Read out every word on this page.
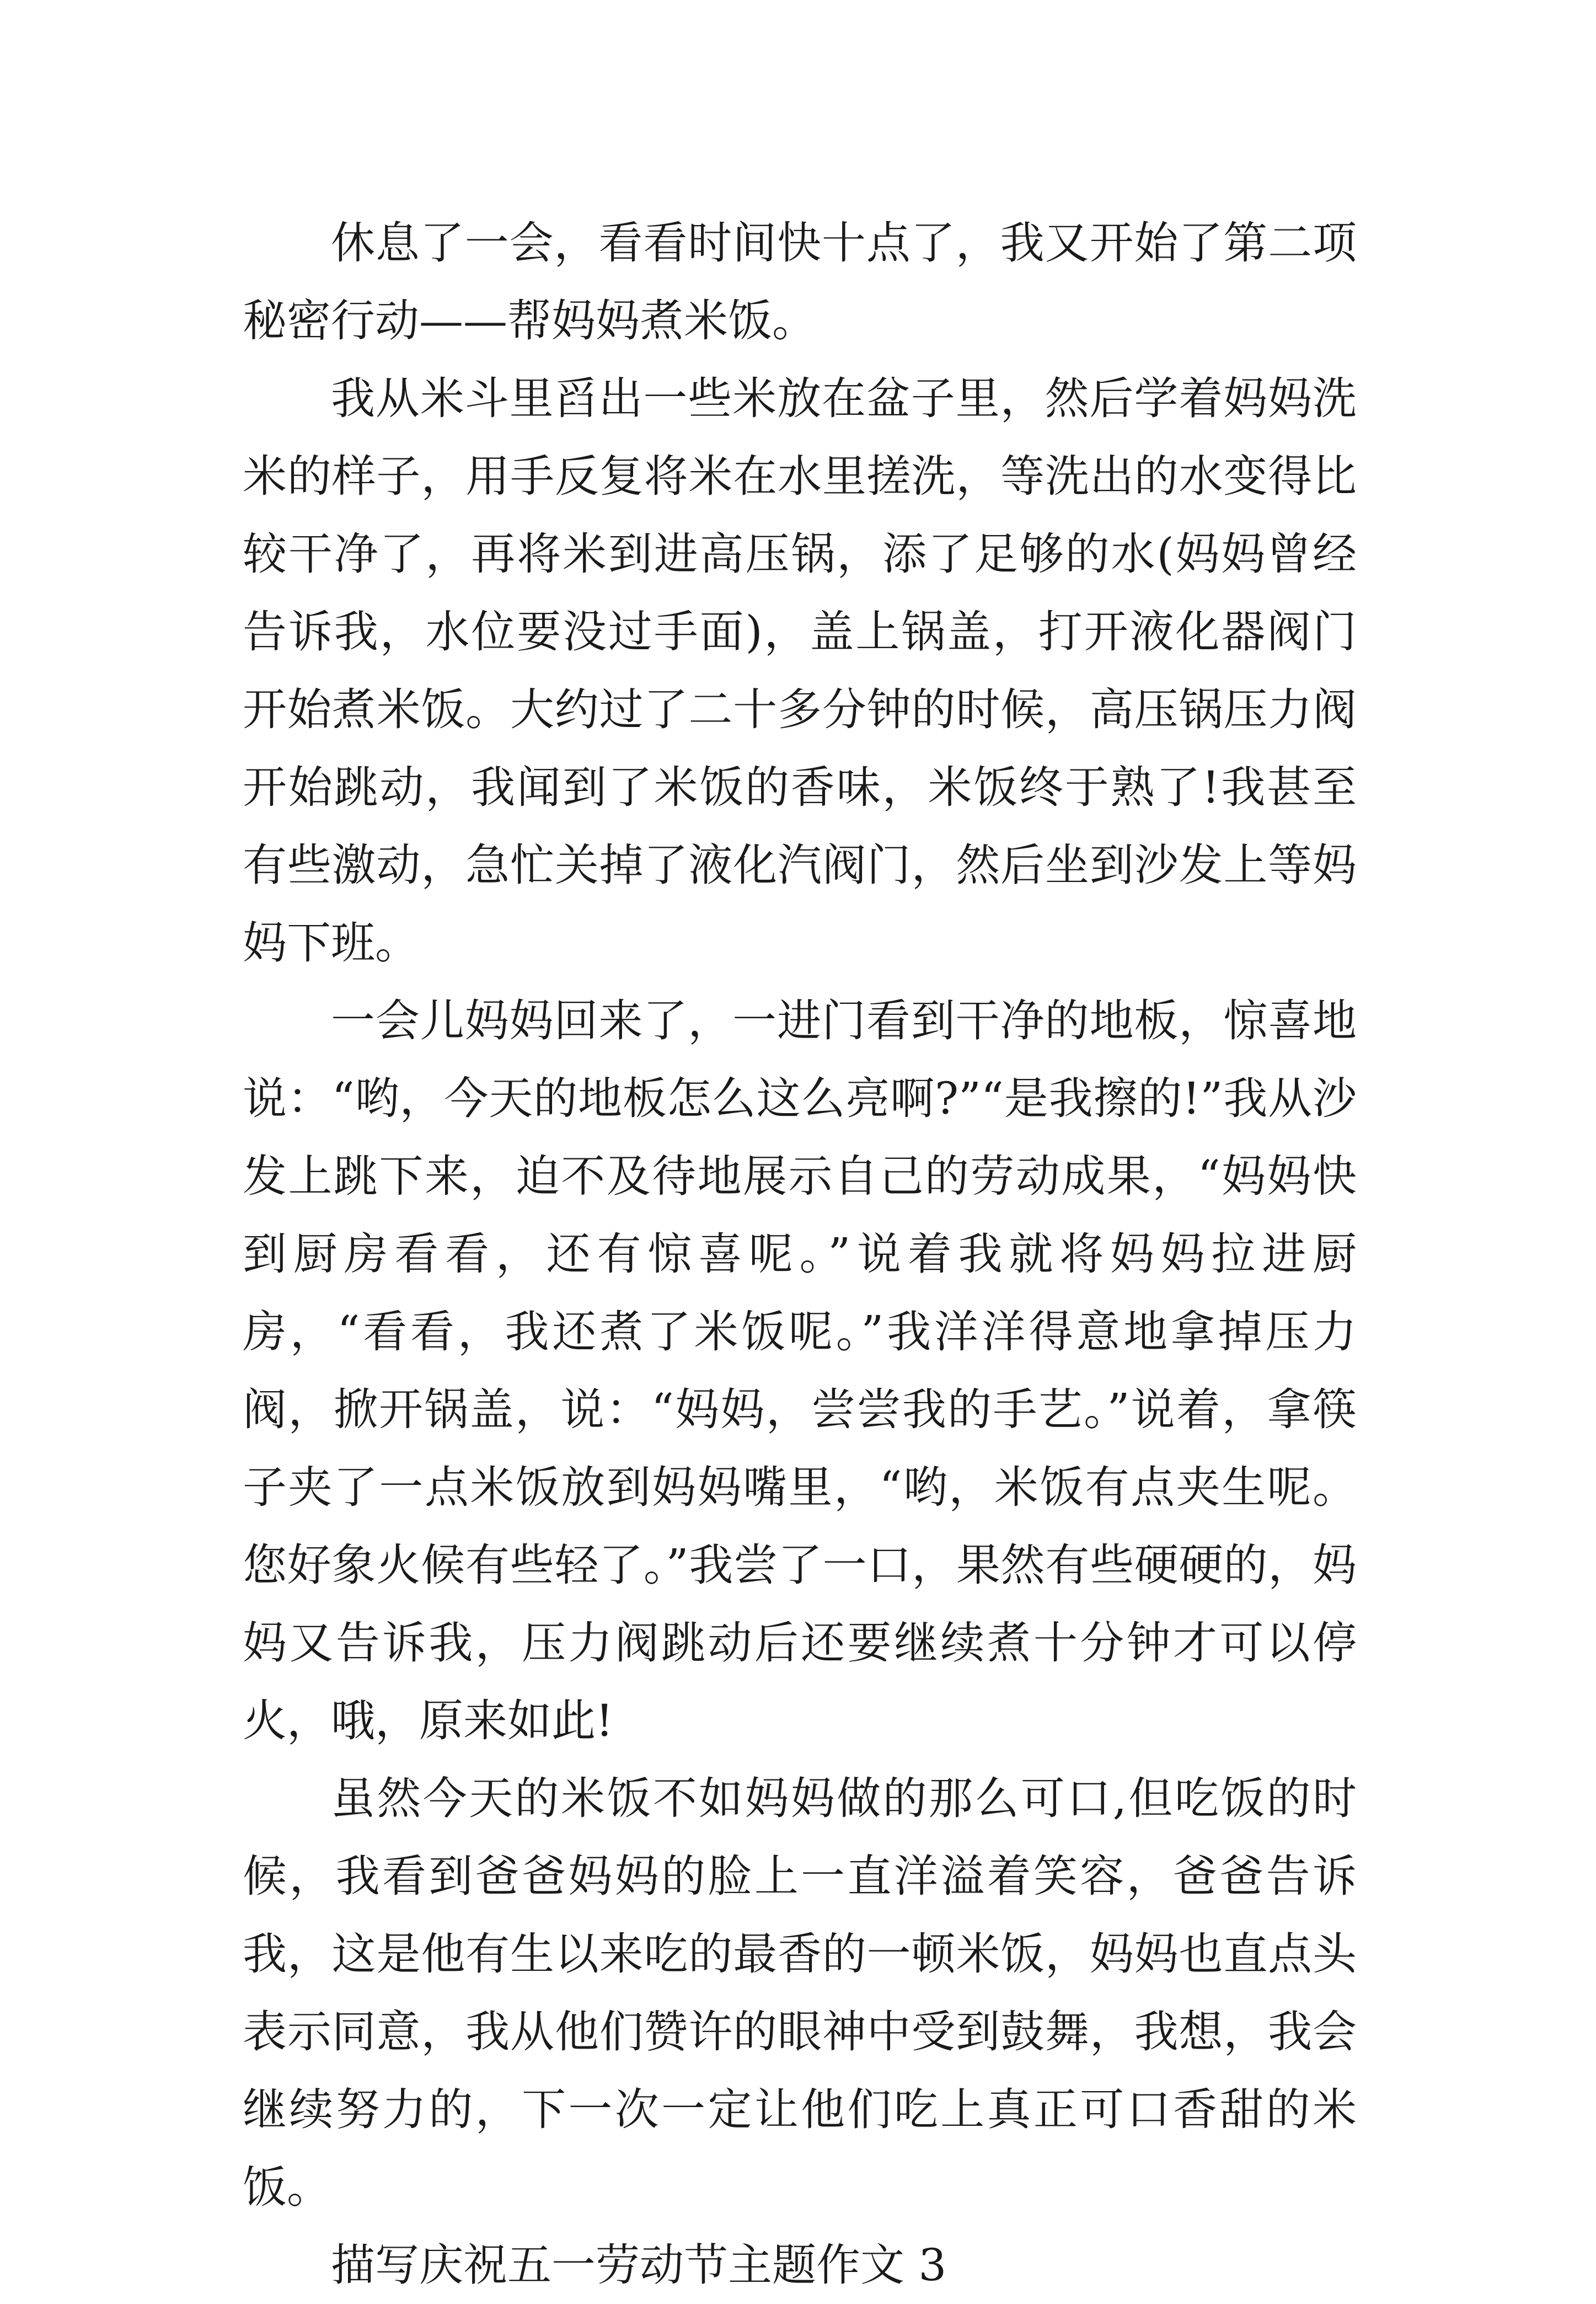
休息了一会，看看时间快十点了，我又开始了第二项秘密行动——帮妈妈煮米饭。

我从米斗里舀出一些米放在盆子里，然后学着妈妈洗米的样子，用手反复将米在水里搓洗，等洗出的水变得比较干净了，再将米到进高压锅，添了足够的水(妈妈曾经告诉我，水位要没过手面)，盖上锅盖，打开液化器阀门开始煮米饭。大约过了二十多分钟的时候，高压锅压力阀开始跳动，我闻到了米饭的香味，米饭终于熟了!我甚至有些激动，急忙关掉了液化汽阀门，然后坐到沙发上等妈妈下班。

一会儿妈妈回来了，一进门看到干净的地板，惊喜地说：“哟，今天的地板怎么这么亮啊?”“是我擦的!”我从沙发上跳下来，迫不及待地展示自己的劳动成果，“妈妈快到厨房看看，还有惊喜呢。”说着我就将妈妈拉进厨房，“看看，我还煮了米饭呢。”我洋洋得意地拿掉压力阀，掀开锅盖，说：“妈妈，尝尝我的手艺。”说着，拿筷子夹了一点米饭放到妈妈嘴里，“哟，米饭有点夹生呢。您好象火候有些轻了。”我尝了一口，果然有些硬硬的，妈妈又告诉我，压力阀跳动后还要继续煮十分钟才可以停火，哦，原来如此!

虽然今天的米饭不如妈妈做的那么可口,但吃饭的时候，我看到爸爸妈妈的脸上一直洋溢着笑容，爸爸告诉我，这是他有生以来吃的最香的一顿米饭，妈妈也直点头表示同意，我从他们赞许的眼神中受到鼓舞，我想，我会继续努力的，下一次一定让他们吃上真正可口香甜的米饭。

描写庆祝五一劳动节主题作文 3
